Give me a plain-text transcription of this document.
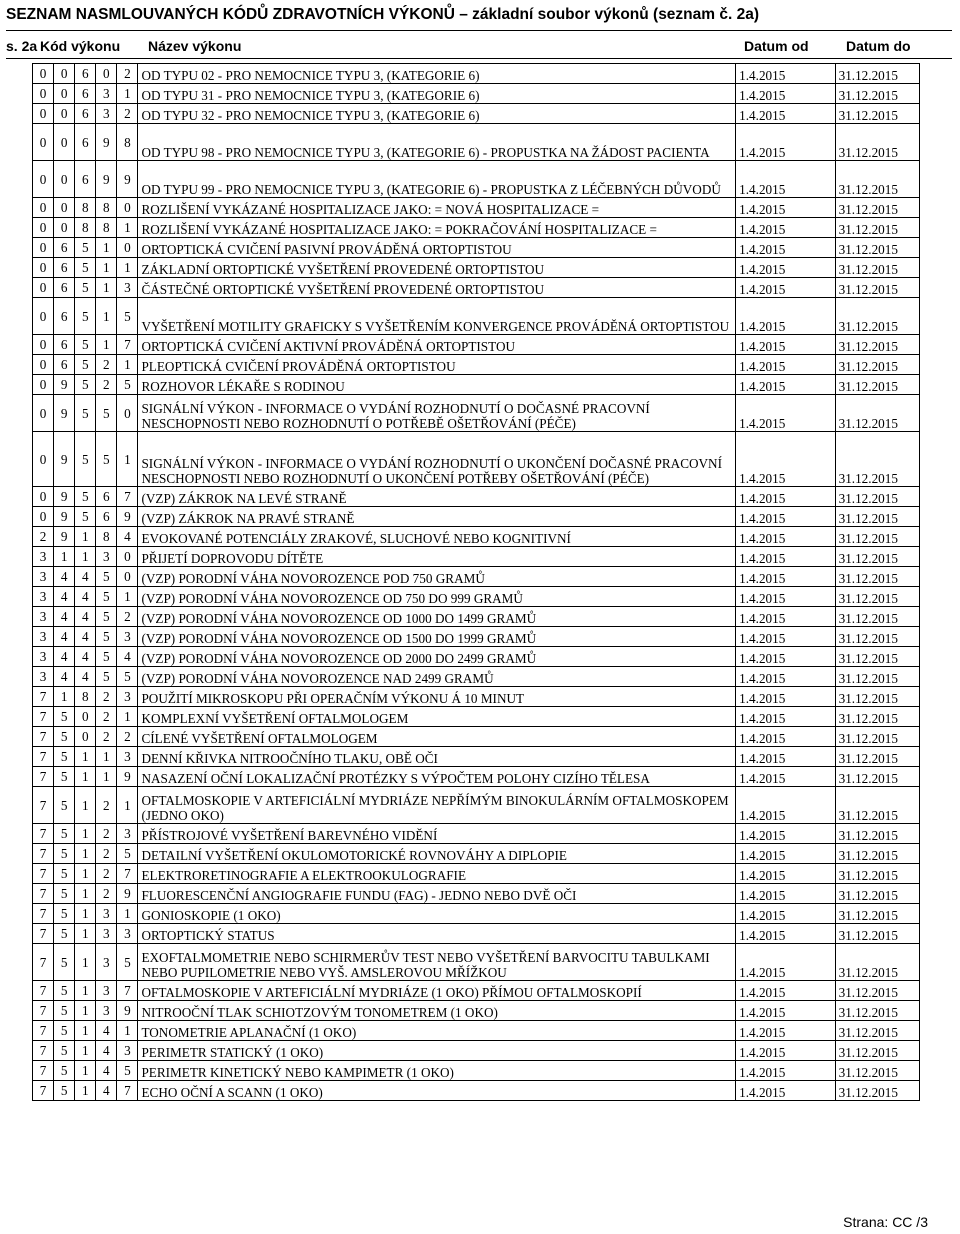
SEZNAM NASMLOUVANÝCH KÓDŮ ZDRAVOTNÍCH VÝKONŮ – základní soubor výkonů (seznam č. 2a)
s. 2a Kód výkonu Název výkonu	Datum od	Datum do
0	0	6	0	2	OD TYPU 02 - PRO NEMOCNICE TYPU 3, (KATEGORIE 6)	1.4.2015	31.12.2015
0	0	6	3	1	OD TYPU 31 - PRO NEMOCNICE TYPU 3, (KATEGORIE 6)	1.4.2015	31.12.2015
0	0	6	3	2	OD TYPU 32 - PRO NEMOCNICE TYPU 3, (KATEGORIE 6)	1.4.2015	31.12.2015
0	0	6	9	8	OD TYPU 98 - PRO NEMOCNICE TYPU 3, (KATEGORIE 6) - PROPUSTKA NA ŽÁDOST PACIENTA	1.4.2015	31.12.2015
0	0	6	9	9	OD TYPU 99 - PRO NEMOCNICE TYPU 3, (KATEGORIE 6) - PROPUSTKA Z LÉČEBNÝCH DŮVODŮ	1.4.2015	31.12.2015
0	0	8	8	0	ROZLIŠENÍ VYKÁZANÉ HOSPITALIZACE JAKO: = NOVÁ HOSPITALIZACE =	1.4.2015	31.12.2015
0	0	8	8	1	ROZLIŠENÍ VYKÁZANÉ HOSPITALIZACE JAKO: = POKRAČOVÁNÍ HOSPITALIZACE =	1.4.2015	31.12.2015
0	6	5	1	0	ORTOPTICKÁ CVIČENÍ PASIVNÍ PROVÁDĚNÁ ORTOPTISTOU	1.4.2015	31.12.2015
0	6	5	1	1	ZÁKLADNÍ ORTOPTICKÉ VYŠETŘENÍ PROVEDENÉ ORTOPTISTOU	1.4.2015	31.12.2015
0	6	5	1	3	ČÁSTEČNÉ ORTOPTICKÉ VYŠETŘENÍ PROVEDENÉ ORTOPTISTOU	1.4.2015	31.12.2015
0	6	5	1	5	VYŠETŘENÍ MOTILITY GRAFICKY S VYŠETŘENÍM KONVERGENCE PROVÁDĚNÁ ORTOPTISTOU	1.4.2015	31.12.2015
0	6	5	1	7	ORTOPTICKÁ CVIČENÍ AKTIVNÍ PROVÁDĚNÁ ORTOPTISTOU	1.4.2015	31.12.2015
0	6	5	2	1	PLEOPTICKÁ CVIČENÍ PROVÁDĚNÁ ORTOPTISTOU	1.4.2015	31.12.2015
0	9	5	2	5	ROZHOVOR LÉKAŘE S RODINOU	1.4.2015	31.12.2015
0	9	5	5	0	SIGNÁLNÍ VÝKON - INFORMACE O VYDÁNÍ ROZHODNUTÍ O DOČASNÉ PRACOVNÍ NESCHOPNOSTI NEBO ROZHODNUTÍ O POTŘEBĚ OŠETŘOVÁNÍ (PÉČE)	1.4.2015	31.12.2015
0	9	5	5	1	SIGNÁLNÍ VÝKON - INFORMACE O VYDÁNÍ ROZHODNUTÍ O UKONČENÍ DOČASNÉ PRACOVNÍ NESCHOPNOSTI NEBO ROZHODNUTÍ O UKONČENÍ POTŘEBY OŠETŘOVÁNÍ (PÉČE)	1.4.2015	31.12.2015
0	9	5	6	7	(VZP) ZÁKROK NA LEVÉ STRANĚ	1.4.2015	31.12.2015
0	9	5	6	9	(VZP) ZÁKROK NA PRAVÉ STRANĚ	1.4.2015	31.12.2015
2	9	1	8	4	EVOKOVANÉ POTENCIÁLY ZRAKOVÉ, SLUCHOVÉ NEBO KOGNITIVNÍ	1.4.2015	31.12.2015
3	1	1	3	0	PŘIJETÍ DOPROVODU DÍTĚTE	1.4.2015	31.12.2015
3	4	4	5	0	(VZP) PORODNÍ VÁHA NOVOROZENCE POD 750 GRAMŮ	1.4.2015	31.12.2015
3	4	4	5	1	(VZP) PORODNÍ VÁHA NOVOROZENCE OD 750 DO 999 GRAMŮ	1.4.2015	31.12.2015
3	4	4	5	2	(VZP) PORODNÍ VÁHA NOVOROZENCE OD 1000 DO 1499 GRAMŮ	1.4.2015	31.12.2015
3	4	4	5	3	(VZP) PORODNÍ VÁHA NOVOROZENCE OD 1500 DO 1999 GRAMŮ	1.4.2015	31.12.2015
3	4	4	5	4	(VZP) PORODNÍ VÁHA NOVOROZENCE OD 2000 DO 2499 GRAMŮ	1.4.2015	31.12.2015
3	4	4	5	5	(VZP) PORODNÍ VÁHA NOVOROZENCE NAD 2499 GRAMŮ	1.4.2015	31.12.2015
7	1	8	2	3	POUŽITÍ MIKROSKOPU PŘI OPERAČNÍM VÝKONU Á 10 MINUT	1.4.2015	31.12.2015
7	5	0	2	1	KOMPLEXNÍ VYŠETŘENÍ OFTALMOLOGEM	1.4.2015	31.12.2015
7	5	0	2	2	CÍLENÉ VYŠETŘENÍ OFTALMOLOGEM	1.4.2015	31.12.2015
7	5	1	1	3	DENNÍ KŘIVKA NITROOČNÍHO TLAKU, OBĚ OČI	1.4.2015	31.12.2015
7	5	1	1	9	NASAZENÍ OČNÍ LOKALIZAČNÍ PROTÉZKY S VÝPOČTEM POLOHY CIZÍHO TĚLESA	1.4.2015	31.12.2015
7	5	1	2	1	OFTALMOSKOPIE V ARTEFICIÁLNÍ MYDRIÁZE NEPŘÍMÝM BINOKULÁRNÍM OFTALMOSKOPEM (JEDNO OKO)	1.4.2015	31.12.2015
7	5	1	2	3	PŘÍSTROJOVÉ VYŠETŘENÍ BAREVNÉHO VIDĚNÍ	1.4.2015	31.12.2015
7	5	1	2	5	DETAILNÍ VYŠETŘENÍ OKULOMOTORICKÉ ROVNOVÁHY A DIPLOPIE	1.4.2015	31.12.2015
7	5	1	2	7	ELEKTRORETINOGRAFIE A ELEKTROOKULOGRAFIE	1.4.2015	31.12.2015
7	5	1	2	9	FLUORESCENČNÍ ANGIOGRAFIE FUNDU (FAG) - JEDNO NEBO DVĚ OČI	1.4.2015	31.12.2015
7	5	1	3	1	GONIOSKOPIE (1 OKO)	1.4.2015	31.12.2015
7	5	1	3	3	ORTOPTICKÝ STATUS	1.4.2015	31.12.2015
7	5	1	3	5	EXOFTALMOMETRIE NEBO SCHIRMERŮV TEST NEBO VYŠETŘENÍ BARVOCITU TABULKAMI NEBO PUPILOMETRIE NEBO VYŠ. AMSLEROVOU MŘÍŽKOU	1.4.2015	31.12.2015
7	5	1	3	7	OFTALMOSKOPIE V ARTEFICIÁLNÍ MYDRIÁZE (1 OKO) PŘÍMOU OFTALMOSKOPIÍ	1.4.2015	31.12.2015
7	5	1	3	9	NITROOČNÍ TLAK SCHIOTZOVÝM TONOMETREM (1 OKO)	1.4.2015	31.12.2015
7	5	1	4	1	TONOMETRIE APLANAČNÍ (1 OKO)	1.4.2015	31.12.2015
7	5	1	4	3	PERIMETR STATICKÝ (1 OKO)	1.4.2015	31.12.2015
7	5	1	4	5	PERIMETR KINETICKÝ NEBO KAMPIMETR (1 OKO)	1.4.2015	31.12.2015
7	5	1	4	7	ECHO OČNÍ A SCANN (1 OKO)	1.4.2015	31.12.2015
Strana: CC /3
